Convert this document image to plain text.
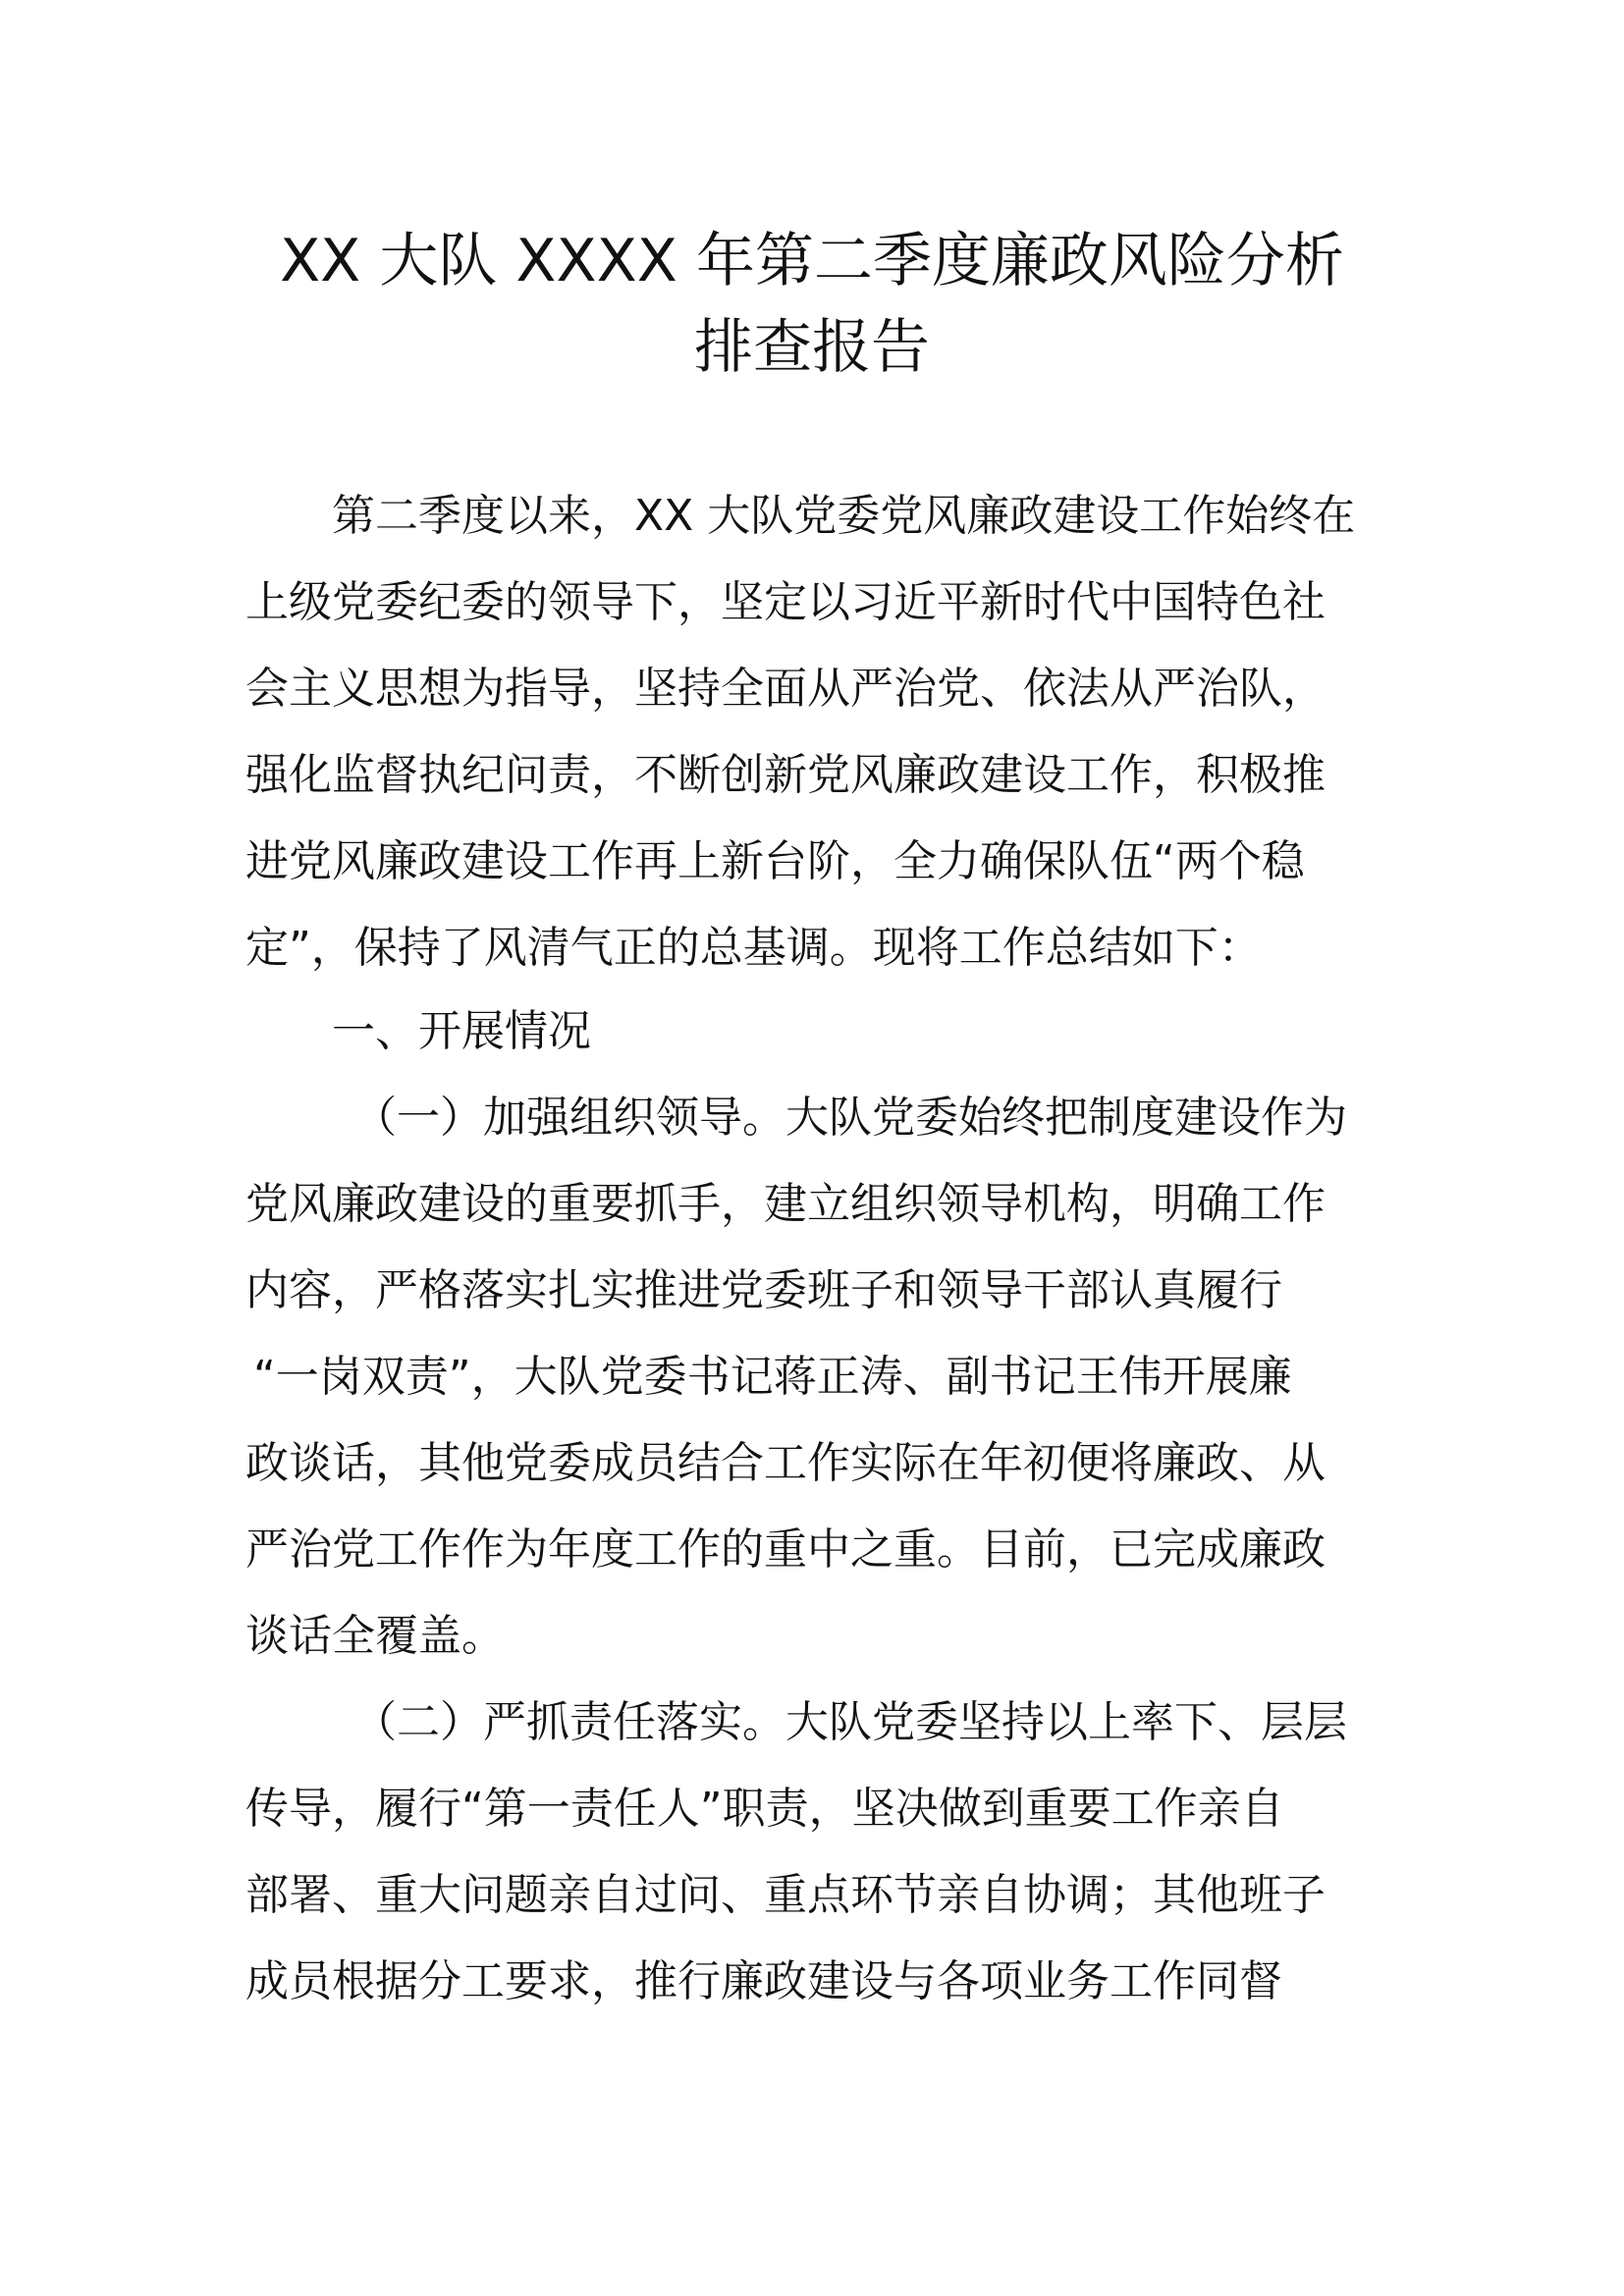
XX 大队 XXXX 年第二季度廉政风险分析
排查报告

第二季度以来，XX 大队党委党风廉政建设工作始终在

上级党委纪委的领导下，坚定以习近平新时代中国特色社

会主义思想为指导，坚持全面从严治党、依法从严治队，

强化监督执纪问责，不断创新党风廉政建设工作，积极推

进党风廉政建设工作再上新台阶，全力确保队伍“两个稳

定”，保持了风清气正的总基调。现将工作总结如下：

一、开展情况

（一）加强组织领导。大队党委始终把制度建设作为

党风廉政建设的重要抓手，建立组织领导机构，明确工作

内容，严格落实扎实推进党委班子和领导干部认真履行

“一岗双责”，大队党委书记蒋正涛、副书记王伟开展廉

政谈话，其他党委成员结合工作实际在年初便将廉政、从

严治党工作作为年度工作的重中之重。目前，已完成廉政

谈话全覆盖。

（二）严抓责任落实。大队党委坚持以上率下、层层

传导，履行“第一责任人”职责，坚决做到重要工作亲自

部署、重大问题亲自过问、重点环节亲自协调；其他班子

成员根据分工要求，推行廉政建设与各项业务工作同督
